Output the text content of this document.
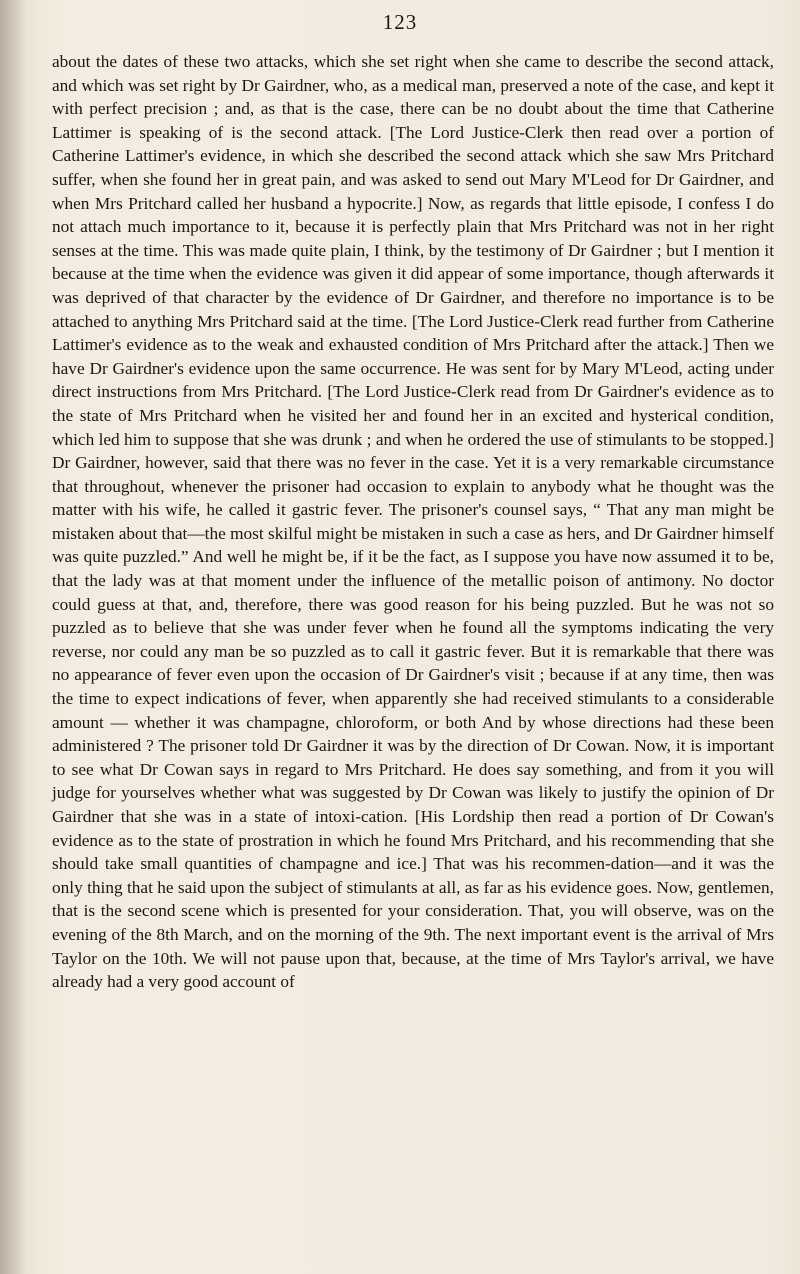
123

about the dates of these two attacks, which she set right when she came to describe the second attack, and which was set right by Dr Gairdner, who, as a medical man, preserved a note of the case, and kept it with perfect precision ; and, as that is the case, there can be no doubt about the time that Catherine Lattimer is speaking of is the second attack. [The Lord Justice-Clerk then read over a portion of Catherine Lattimer's evidence, in which she described the second attack which she saw Mrs Pritchard suffer, when she found her in great pain, and was asked to send out Mary M'Leod for Dr Gairdner, and when Mrs Pritchard called her husband a hypocrite.] Now, as regards that little episode, I confess I do not attach much importance to it, because it is perfectly plain that Mrs Pritchard was not in her right senses at the time. This was made quite plain, I think, by the testimony of Dr Gairdner ; but I mention it because at the time when the evidence was given it did appear of some importance, though afterwards it was deprived of that character by the evidence of Dr Gairdner, and therefore no importance is to be attached to anything Mrs Pritchard said at the time. [The Lord Justice-Clerk read further from Catherine Lattimer's evidence as to the weak and exhausted condition of Mrs Pritchard after the attack.] Then we have Dr Gairdner's evidence upon the same occurrence. He was sent for by Mary M'Leod, acting under direct instructions from Mrs Pritchard. [The Lord Justice-Clerk read from Dr Gairdner's evidence as to the state of Mrs Pritchard when he visited her and found her in an excited and hysterical condition, which led him to suppose that she was drunk ; and when he ordered the use of stimulants to be stopped.] Dr Gairdner, however, said that there was no fever in the case. Yet it is a very remarkable circumstance that throughout, whenever the prisoner had occasion to explain to anybody what he thought was the matter with his wife, he called it gastric fever. The prisoner's counsel says, “ That any man might be mistaken about that—the most skilful might be mistaken in such a case as hers, and Dr Gairdner himself was quite puzzled.” And well he might be, if it be the fact, as I suppose you have now assumed it to be, that the lady was at that moment under the influence of the metallic poison of antimony. No doctor could guess at that, and, therefore, there was good reason for his being puzzled. But he was not so puzzled as to believe that she was under fever when he found all the symptoms indicating the very reverse, nor could any man be so puzzled as to call it gastric fever. But it is remarkable that there was no appearance of fever even upon the occasion of Dr Gairdner's visit ; because if at any time, then was the time to expect indications of fever, when apparently she had received stimulants to a considerable amount — whether it was champagne, chloroform, or both And by whose directions had these been administered ? The prisoner told Dr Gairdner it was by the direction of Dr Cowan. Now, it is important to see what Dr Cowan says in regard to Mrs Pritchard. He does say something, and from it you will judge for yourselves whether what was suggested by Dr Cowan was likely to justify the opinion of Dr Gairdner that she was in a state of intoxi-cation. [His Lordship then read a portion of Dr Cowan's evidence as to the state of prostration in which he found Mrs Pritchard, and his recommending that she should take small quantities of champagne and ice.] That was his recommen-dation—and it was the only thing that he said upon the subject of stimulants at all, as far as his evidence goes. Now, gentlemen, that is the second scene which is presented for your consideration. That, you will observe, was on the evening of the 8th March, and on the morning of the 9th. The next important event is the arrival of Mrs Taylor on the 10th. We will not pause upon that, because, at the time of Mrs Taylor's arrival, we have already had a very good account of
